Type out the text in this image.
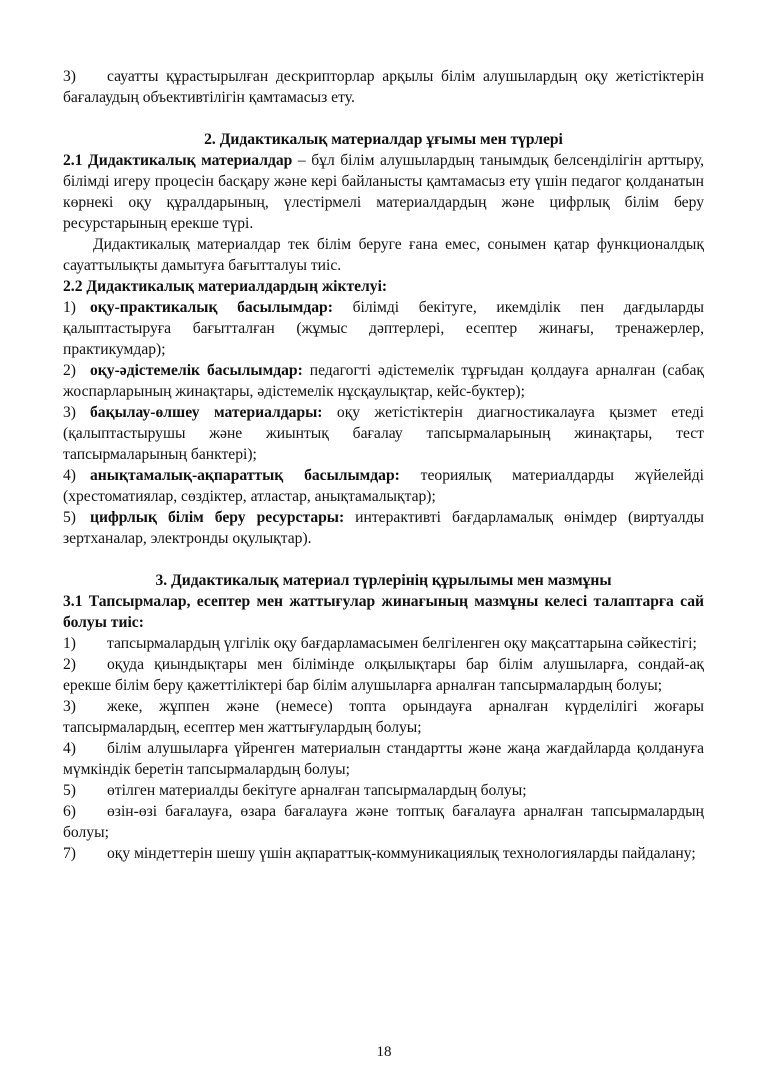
3) сауатты құрастырылған дескрипторлар арқылы білім алушылардың оқу жетістіктерін бағалаудың объективтілігін қамтамасыз ету.

2. Дидактикалық материалдар ұғымы мен түрлері

2.1 Дидактикалық материалдар – бұл білім алушылардың танымдық белсенділігін арттыру, білімді игеру процесін басқару және кері байланысты қамтамасыз ету үшін педагог қолданатын көрнекі оқу құралдарының, үлестірмелі материалдардың және цифрлық білім беру ресурстарының ерекше түрі.

Дидактикалық материалдар тек білім беруге ғана емес, сонымен қатар функционалдық сауаттылықты дамытуға бағытталуы тиіс.

2.2 Дидактикалық материалдардың жіктелуі:

1) оқу-практикалық басылымдар: білімді бекітуге, икемділік пен дағдыларды қалыптастыруға бағытталған (жұмыс дәптерлері, есептер жинағы, тренажерлер, практикумдар);

2) оқу-әдістемелік басылымдар: педагогті әдістемелік тұрғыдан қолдауға арналған (сабақ жоспарларының жинақтары, әдістемелік нұсқаулықтар, кейс-буктер);

3) бақылау-өлшеу материалдары: оқу жетістіктерін диагностикалауға қызмет етеді (қалыптастырушы және жиынтық бағалау тапсырмаларының жинақтары, тест тапсырмаларының банктері);

4) анықтамалық-ақпараттық басылымдар: теориялық материалдарды жүйелейді (хрестоматиялар, сөздіктер, атластар, анықтамалықтар);

5) цифрлық білім беру ресурстары: интерактивті бағдарламалық өнімдер (виртуалды зертханалар, электронды оқулықтар).

3. Дидактикалық материал түрлерінің құрылымы мен мазмұны

3.1 Тапсырмалар, есептер мен жаттығулар жинағының мазмұны келесі талаптарға сай болуы тиіс:

1) тапсырмалардың үлгілік оқу бағдарламасымен белгіленген оқу мақсаттарына сәйкестігі;

2) оқуда қиындықтары мен білімінде олқылықтары бар білім алушыларға, сондай-ақ ерекше білім беру қажеттіліктері бар білім алушыларға арналған тапсырмалардың болуы;

3) жеке, жұппен және (немесе) топта орындауға арналған күрделілігі жоғары тапсырмалардың, есептер мен жаттығулардың болуы;

4) білім алушыларға үйренген материалын стандартты және жаңа жағдайларда қолдануға мүмкіндік беретін тапсырмалардың болуы;

5) өтілген материалды бекітуге арналған тапсырмалардың болуы;

6) өзін-өзі бағалауға, өзара бағалауға және топтық бағалауға арналған тапсырмалардың болуы;

7) оқу міндеттерін шешу үшін ақпараттық-коммуникациялық технологияларды пайдалану;

18
